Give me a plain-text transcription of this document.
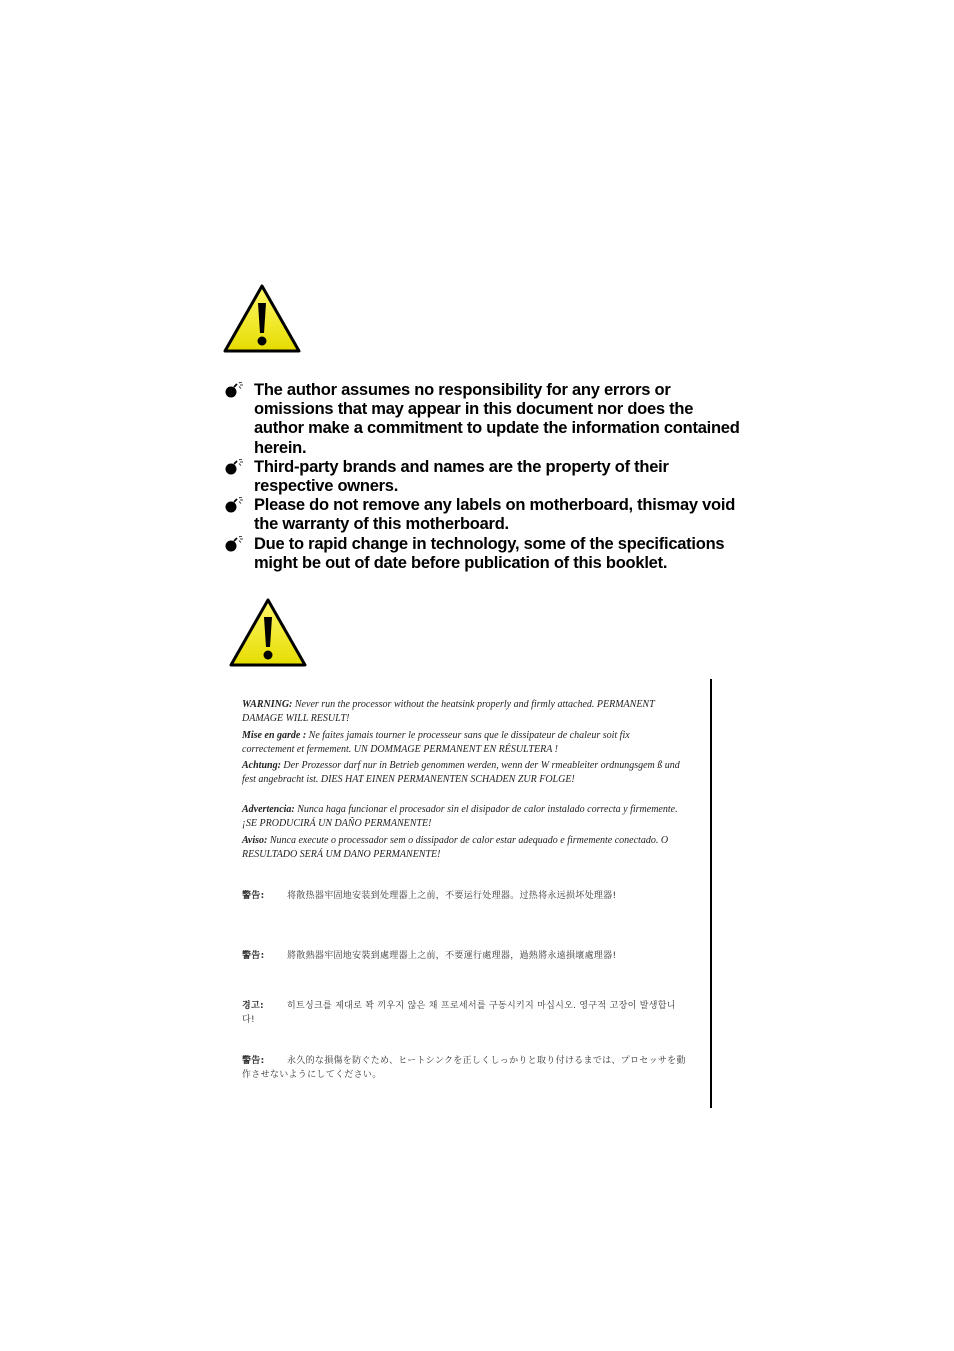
The author assumes no responsibility for any errors or omissions that may appear in this document nor does the author make a commitment to update the information contained herein.
Third-party brands and names are the property of their respective owners.
Please do not remove any labels on motherboard, thismay void the warranty of this motherboard.
Due to rapid change in technology, some of the specifications might be out of date before publication of this booklet.
WARNING: Never run the processor without the heatsink properly and firmly attached. PERMANENT DAMAGE WILL RESULT!
Mise en garde : Ne faites jamais tourner le processeur sans que le dissipateur de chaleur soit fix correctement et fermement. UN DOMMAGE PERMANENT EN RÉSULTERA !
Achtung: Der Prozessor darf nur in Betrieb genommen werden, wenn der W rmeableiter ordnungsgem ß und fest angebracht ist. DIES HAT EINEN PERMANENTEN SCHADEN ZUR FOLGE!
Advertencia: Nunca haga funcionar el procesador sin el disipador de calor instalado correcta y firmemente. ¡SE PRODUCIRÁ UN DAÑO PERMANENTE!
Aviso: Nunca execute o processador sem o dissipador de calor estar adequado e firmemente conectado. O RESULTADO SERÁ UM DANO PERMANENTE!
警告:	将散热器牢固地安装到处理器上之前，不要运行处理器。过热将永远损坏处理器!
警告:	將散熱器牢固地安裝到處理器上之前，不要運行處理器，過熱將永遠損壞處理器!
경고:	히트싱크를 제대로 꽉 끼우지 않은 채 프로세서를 구동시키지 마십시오. 영구적 고장이 발생합니다!
警告:	永久的な損傷を防ぐため、ヒートシンクを正しくしっかりと取り付けるまでは、プロセッサを動作させないようにしてください。
